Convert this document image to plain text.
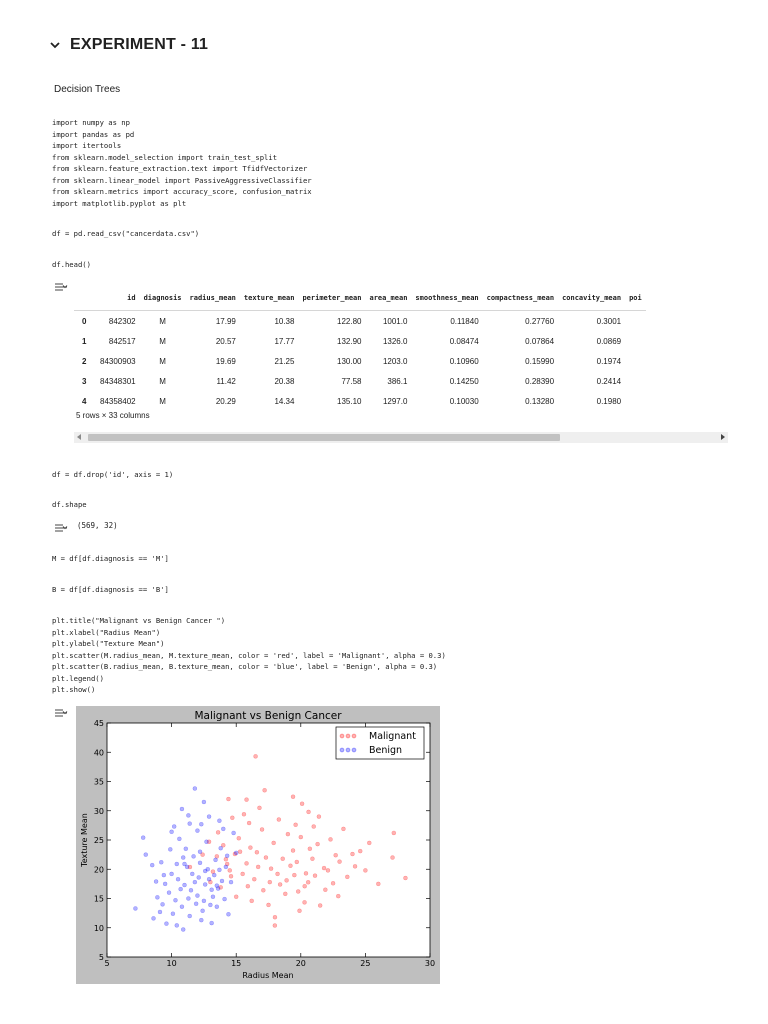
EXPERIMENT - 11
Decision Trees
import numpy as np
import pandas as pd
import itertools
from sklearn.model_selection import train_test_split
from sklearn.feature_extraction.text import TfidfVectorizer
from sklearn.linear_model import PassiveAggressiveClassifier
from sklearn.metrics import accuracy_score, confusion_matrix
import matplotlib.pyplot as plt
df = pd.read_csv("cancerdata.csv")
df.head()
	id	diagnosis	radius_mean	texture_mean	perimeter_mean	area_mean	smoothness_mean	compactness_mean	concavity_mean	poi
0	842302	M	17.99	10.38	122.80	1001.0	0.11840	0.27760	0.3001	
1	842517	M	20.57	17.77	132.90	1326.0	0.08474	0.07864	0.0869	
2	84300903	M	19.69	21.25	130.00	1203.0	0.10960	0.15990	0.1974	
3	84348301	M	11.42	20.38	77.58	386.1	0.14250	0.28390	0.2414	
4	84358402	M	20.29	14.34	135.10	1297.0	0.10030	0.13280	0.1980	
5 rows × 33 columns
df = df.drop('id', axis = 1)
df.shape
(569, 32)
M = df[df.diagnosis == 'M']
B = df[df.diagnosis == 'B']
plt.title("Malignant vs Benign Cancer ")
plt.xlabel("Radius Mean")
plt.ylabel("Texture Mean")
plt.scatter(M.radius_mean, M.texture_mean, color = 'red', label = 'Malignant', alpha = 0.3)
plt.scatter(B.radius_mean, B.texture_mean, color = 'blue', label = 'Benign', alpha = 0.3)
plt.legend()
plt.show()
5	10	15	20	25	30
5
10
15
20
25
30
35
40
45
Malignant vs Benign Cancer
Radius Mean
Texture Mean
Malignant
Benign
